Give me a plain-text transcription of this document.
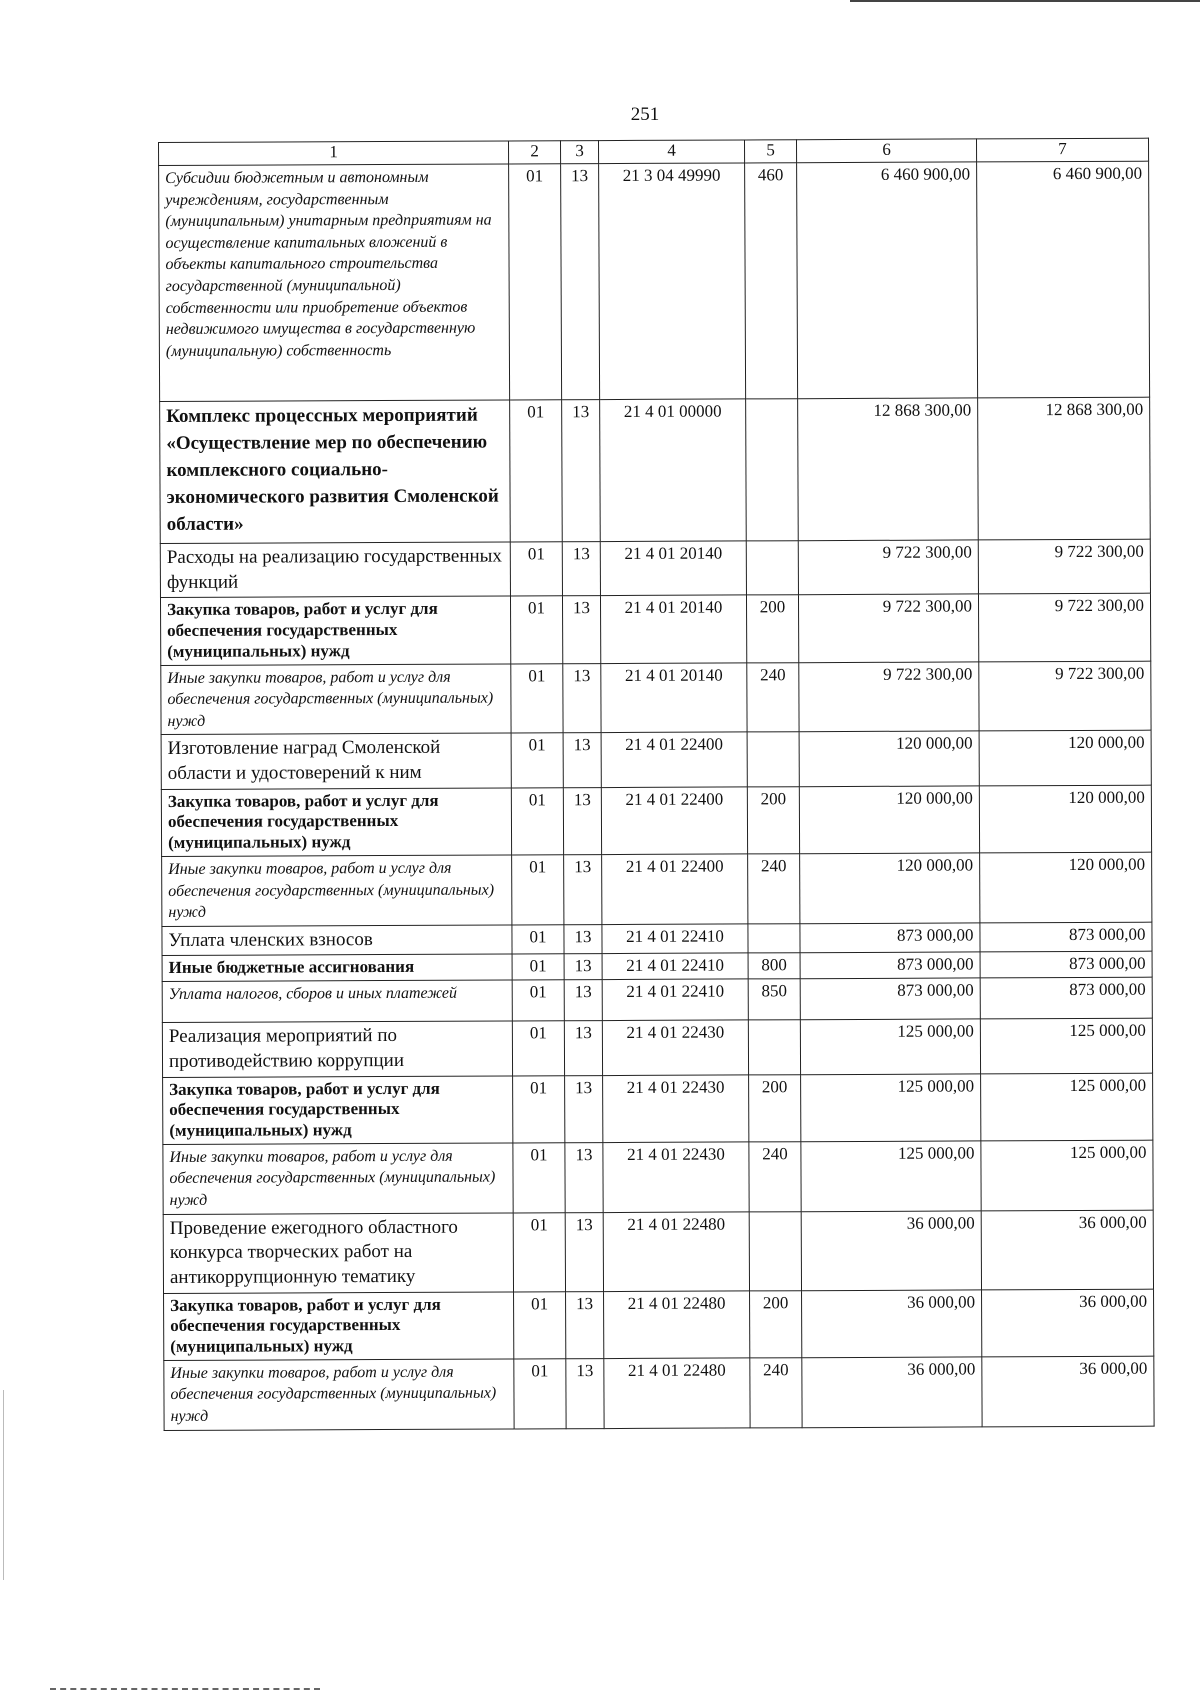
251
1	2	3	4	5	6	7
Субсидии бюджетным и автономным учреждениям, государственным (муниципальным) унитарным предприятиям на осуществление капитальных вложений в объекты капитального строительства государственной (муниципальной) собственности или приобретение объектов недвижимого имущества в государственную (муниципальную) собственность	01	13	21 3 04 49990	460	6 460 900,00	6 460 900,00
Комплекс процессных мероприятий «Осуществление мер по обеспечению комплексного социально-экономического развития Смоленской области»	01	13	21 4 01 00000		12 868 300,00	12 868 300,00
Расходы на реализацию государственных функций	01	13	21 4 01 20140		9 722 300,00	9 722 300,00
Закупка товаров, работ и услуг для обеспечения государственных (муниципальных) нужд	01	13	21 4 01 20140	200	9 722 300,00	9 722 300,00
Иные закупки товаров, работ и услуг для обеспечения государственных (муниципальных) нужд	01	13	21 4 01 20140	240	9 722 300,00	9 722 300,00
Изготовление наград Смоленской области и удостоверений к ним	01	13	21 4 01 22400		120 000,00	120 000,00
Закупка товаров, работ и услуг для обеспечения государственных (муниципальных) нужд	01	13	21 4 01 22400	200	120 000,00	120 000,00
Иные закупки товаров, работ и услуг для обеспечения государственных (муниципальных) нужд	01	13	21 4 01 22400	240	120 000,00	120 000,00
Уплата членских взносов	01	13	21 4 01 22410		873 000,00	873 000,00
Иные бюджетные ассигнования	01	13	21 4 01 22410	800	873 000,00	873 000,00
Уплата налогов, сборов и иных платежей	01	13	21 4 01 22410	850	873 000,00	873 000,00
Реализация мероприятий по противодействию коррупции	01	13	21 4 01 22430		125 000,00	125 000,00
Закупка товаров, работ и услуг для обеспечения государственных (муниципальных) нужд	01	13	21 4 01 22430	200	125 000,00	125 000,00
Иные закупки товаров, работ и услуг для обеспечения государственных (муниципальных) нужд	01	13	21 4 01 22430	240	125 000,00	125 000,00
Проведение ежегодного областного конкурса творческих работ на антикоррупционную тематику	01	13	21 4 01 22480		36 000,00	36 000,00
Закупка товаров, работ и услуг для обеспечения государственных (муниципальных) нужд	01	13	21 4 01 22480	200	36 000,00	36 000,00
Иные закупки товаров, работ и услуг для обеспечения государственных (муниципальных) нужд	01	13	21 4 01 22480	240	36 000,00	36 000,00
